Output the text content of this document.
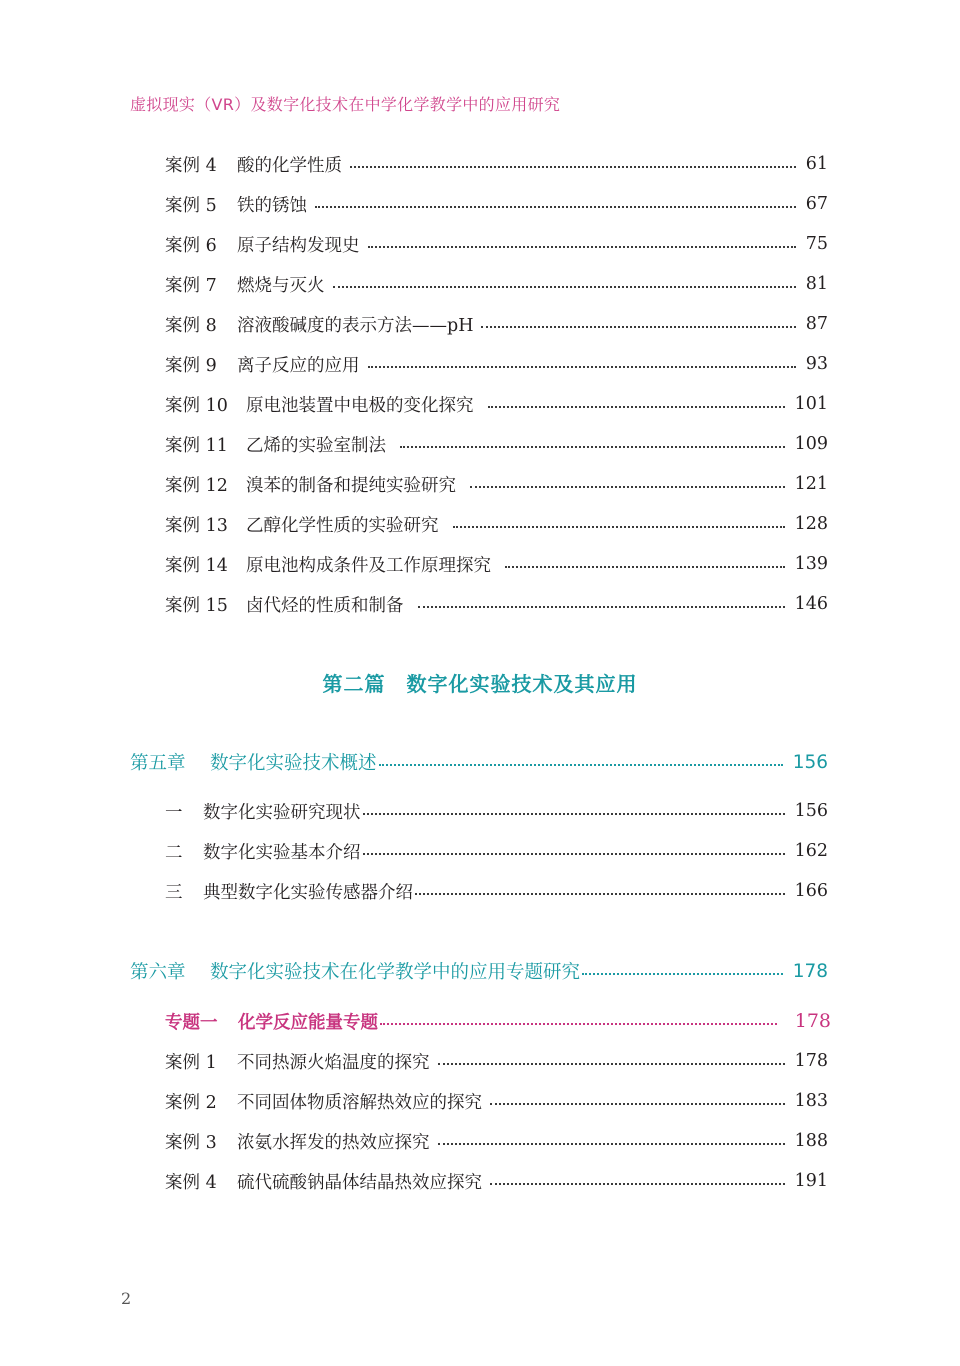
虚拟现实（VR）及数字化技术在中学化学教学中的应用研究
案例 4	酸的化学性质	61
案例 5	铁的锈蚀	67
案例 6	原子结构发现史	75
案例 7	燃烧与灭火	81
案例 8	溶液酸碱度的表示方法——pH	87
案例 9	离子反应的应用	93
案例 10	原电池装置中电极的变化探究	101
案例 11	乙烯的实验室制法	109
案例 12	溴苯的制备和提纯实验研究	121
案例 13	乙醇化学性质的实验研究	128
案例 14	原电池构成条件及工作原理探究	139
案例 15	卤代烃的性质和制备	146
第二篇　数字化实验技术及其应用
第五章	数字化实验技术概述	156
一	数字化实验研究现状	156
二	数字化实验基本介绍	162
三	典型数字化实验传感器介绍	166
第六章	数字化实验技术在化学教学中的应用专题研究	178
专题一	化学反应能量专题	178
案例 1	不同热源火焰温度的探究	178
案例 2	不同固体物质溶解热效应的探究	183
案例 3	浓氨水挥发的热效应探究	188
案例 4	硫代硫酸钠晶体结晶热效应探究	191
2
